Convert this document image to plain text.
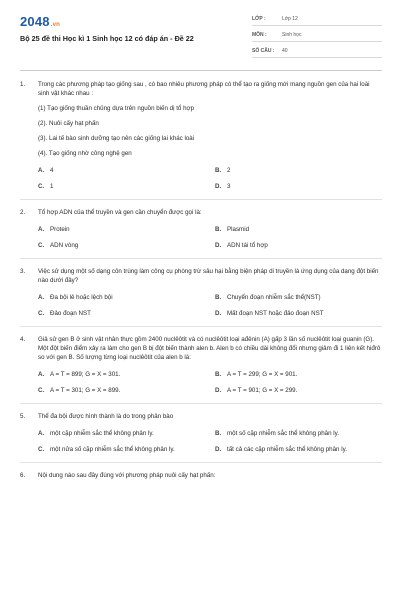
2048.vn
Bộ 25 đề thi Học kì 1 Sinh học 12 có đáp án - Đề 22
LỚP :	Lớp 12
MÔN :	Sinh học
SỐ CÂU : 40
1. Trong các phương pháp tạo giống sau , có bao nhiêu phương pháp có thể tạo ra giống mới mang nguồn gen của hai loài sinh vật khác nhau :
(1) Tạo giống thuần chủng dựa trên nguồn biến dị tổ hợp
(2). Nuôi cấy hạt phấn
(3). Lai tế bào sinh dưỡng tạo nên các giống lai khác loài
(4). Tạo giống nhờ công nghệ gen
A. 4	B. 2
C. 1	D. 3
2. Tổ hợp ADN của thể truyền và gen cần chuyển được gọi là:
A. Protein	B. Plasmid
C. ADN vòng	D. ADN tái tổ hợp
3. Việc sử dụng một số dạng côn trùng làm công cụ phòng trừ sâu hại bằng biện pháp di truyền là ứng dụng của dạng đột biến nào dưới đây?
A. Đa bội lẻ hoặc lệch bội	B. Chuyển đoạn nhiễm sắc thể(NST)
C. Đảo đoạn NST	D. Mất đoạn NST hoặc đảo đoạn NST
4. Giả sử gen B ở sinh vật nhân thực gồm 2400 nuclêôtit và có nuclêôtit loại ađênin (A) gấp 3 lần số nuclêôtit loại guanin (G). Một đột biến điểm xảy ra làm cho gen B bị đột biến thành alen b. Alen b có chiều dài không đổi nhưng giảm đi 1 liên kết hiđrô so với gen B. Số lượng từng loại nuclêôtit của alen b là:
A. A = T = 899; G = X = 301.	B. A = T = 299; G = X = 901.
C. A = T = 301; G = X = 899.	D. A = T = 901; G = X = 299.
5. Thể đa bội được hình thành là do trong phân bào
A. một cặp nhiễm sắc thể không phân ly.	B. một số cặp nhiễm sắc thể không phân ly.
C. một nửa số cặp nhiễm sắc thể không phân ly.	D. tất cả các cặp nhiễm sắc thể không phân ly.
6. Nội dung nào sau đây đúng với phương pháp nuôi cấy hạt phấn:
